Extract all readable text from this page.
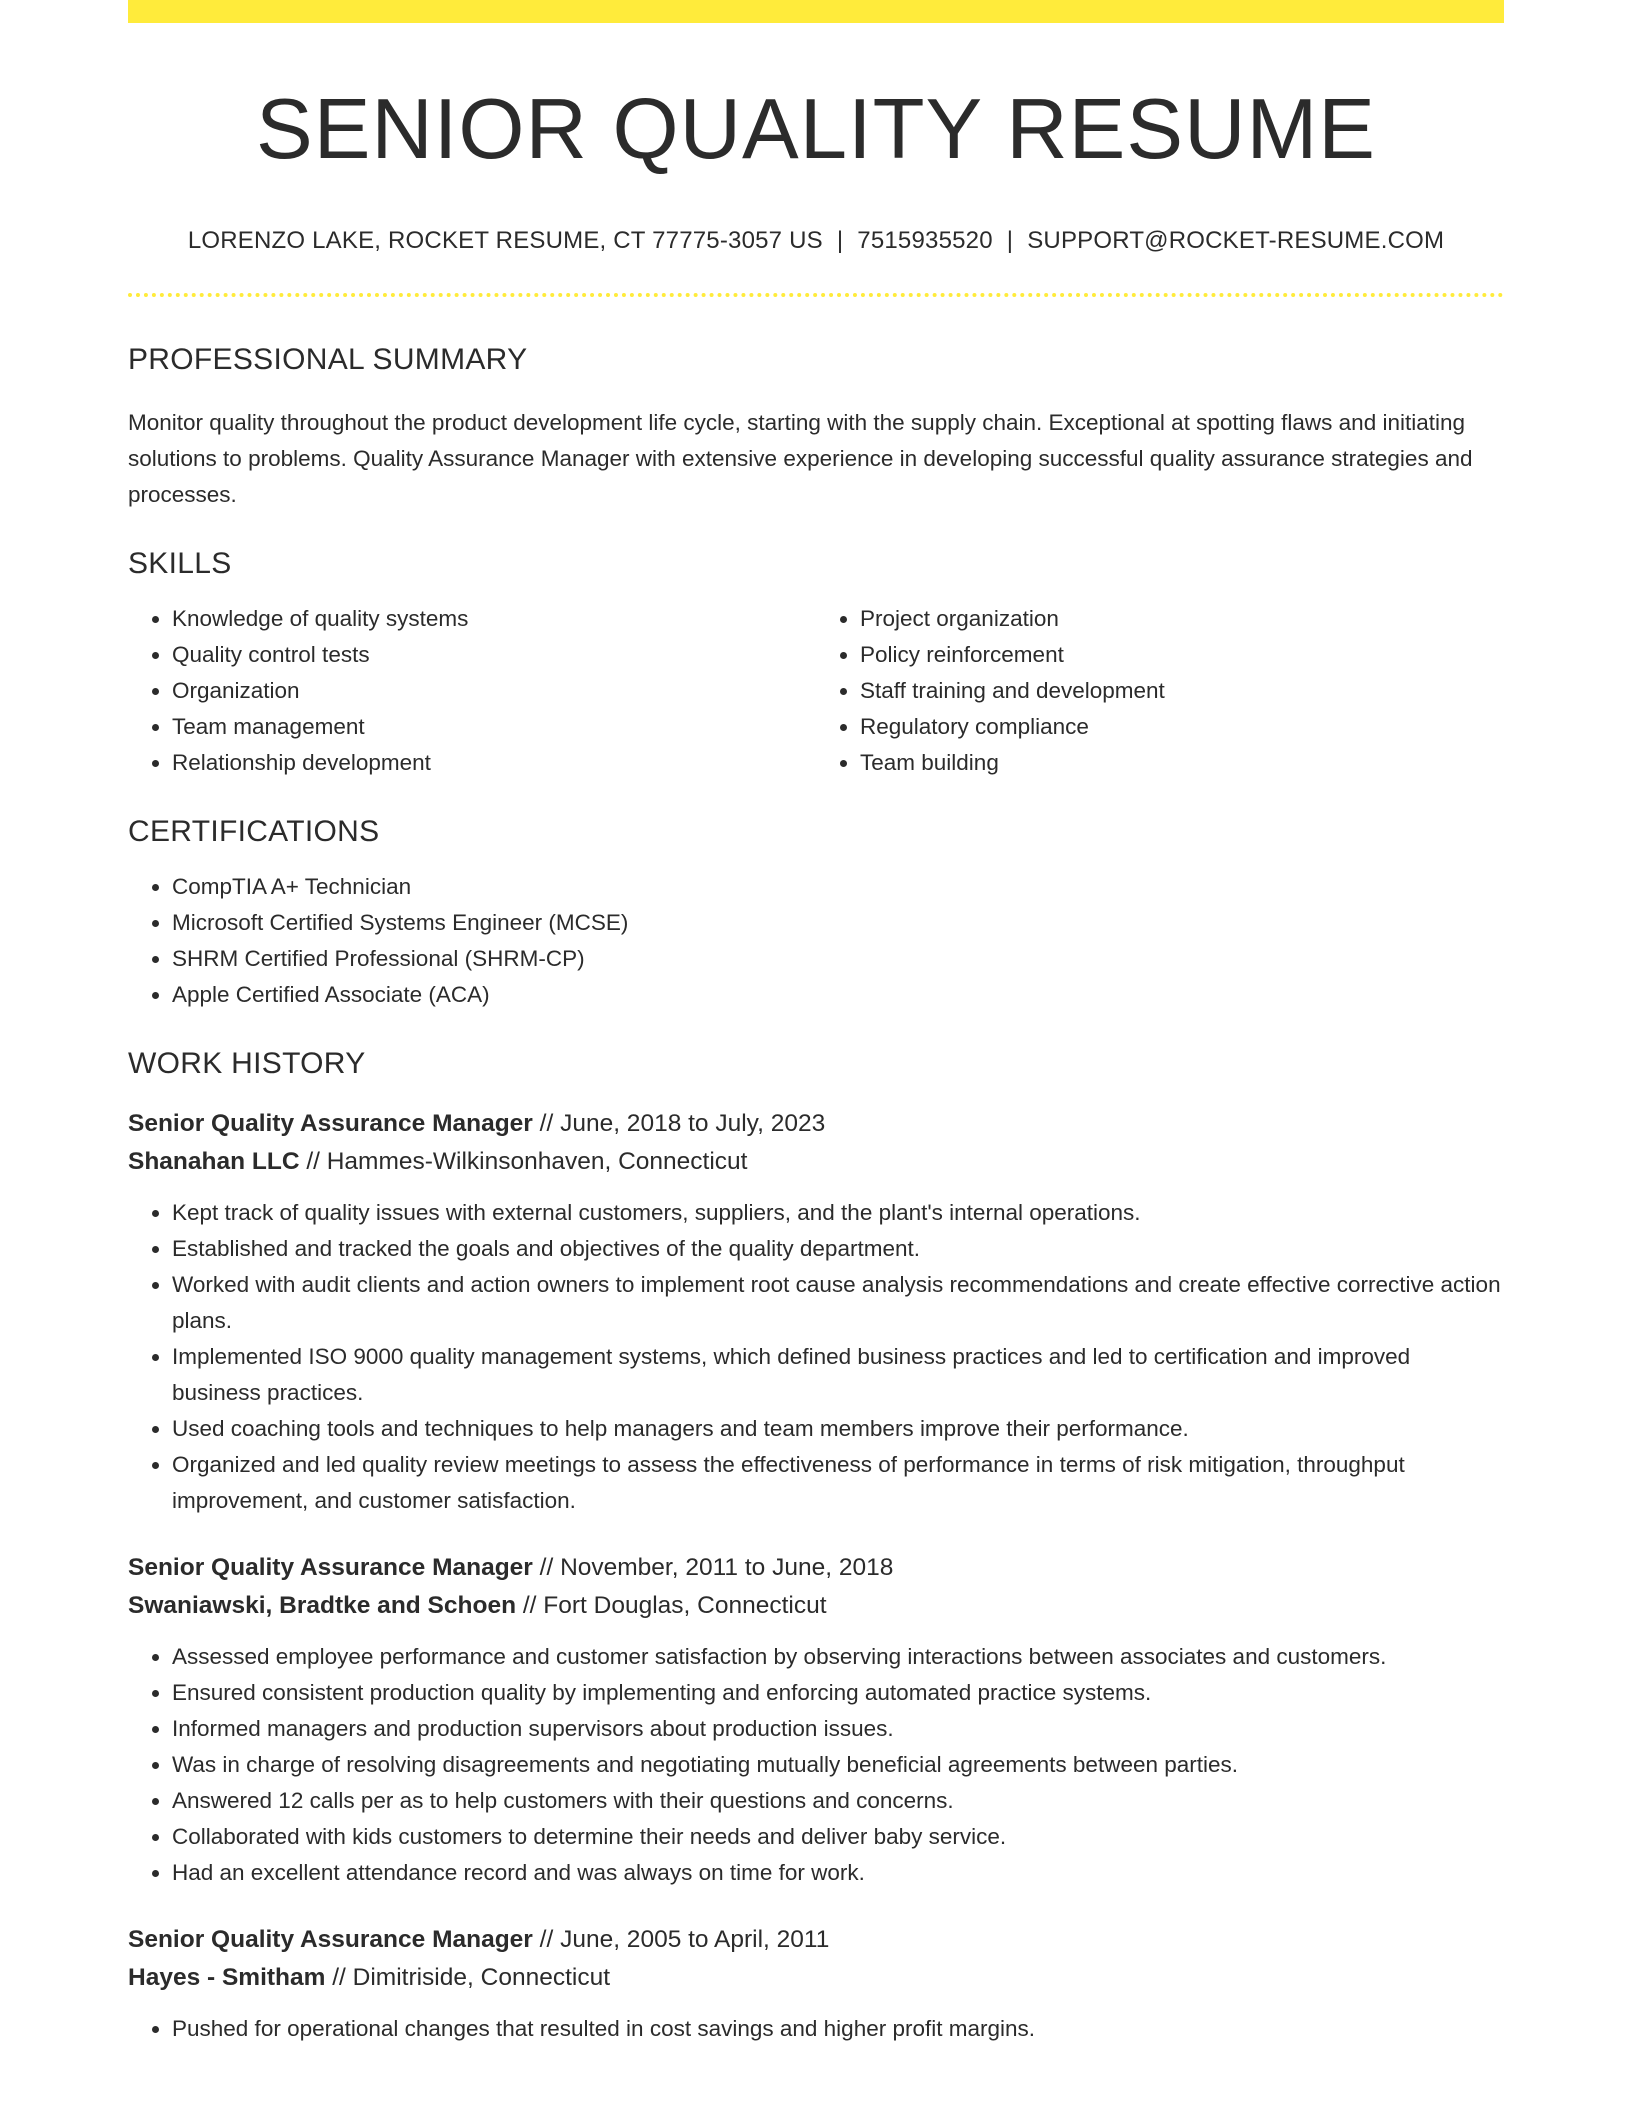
SENIOR QUALITY RESUME
LORENZO LAKE, ROCKET RESUME, CT 77775-3057 US | 7515935520 | SUPPORT@ROCKET-RESUME.COM
PROFESSIONAL SUMMARY

Monitor quality throughout the product development life cycle, starting with the supply chain. Exceptional at spotting flaws and initiating solutions to problems. Quality Assurance Manager with extensive experience in developing successful quality assurance strategies and processes.

SKILLS
• Knowledge of quality systems
• Quality control tests
• Organization
• Team management
• Relationship development
• Project organization
• Policy reinforcement
• Staff training and development
• Regulatory compliance
• Team building
CERTIFICATIONS
• CompTIA A+ Technician
• Microsoft Certified Systems Engineer (MCSE)
• SHRM Certified Professional (SHRM-CP)
• Apple Certified Associate (ACA)
WORK HISTORY
Senior Quality Assurance Manager // June, 2018 to July, 2023
Shanahan LLC // Hammes-Wilkinsonhaven, Connecticut
• Kept track of quality issues with external customers, suppliers, and the plant's internal operations.
• Established and tracked the goals and objectives of the quality department.
• Worked with audit clients and action owners to implement root cause analysis recommendations and create effective corrective action plans.
• Implemented ISO 9000 quality management systems, which defined business practices and led to certification and improved business practices.
• Used coaching tools and techniques to help managers and team members improve their performance.
• Organized and led quality review meetings to assess the effectiveness of performance in terms of risk mitigation, throughput improvement, and customer satisfaction.
Senior Quality Assurance Manager // November, 2011 to June, 2018
Swaniawski, Bradtke and Schoen // Fort Douglas, Connecticut
• Assessed employee performance and customer satisfaction by observing interactions between associates and customers.
• Ensured consistent production quality by implementing and enforcing automated practice systems.
• Informed managers and production supervisors about production issues.
• Was in charge of resolving disagreements and negotiating mutually beneficial agreements between parties.
• Answered 12 calls per as to help customers with their questions and concerns.
• Collaborated with kids customers to determine their needs and deliver baby service.
• Had an excellent attendance record and was always on time for work.
Senior Quality Assurance Manager // June, 2005 to April, 2011
Hayes - Smitham // Dimitriside, Connecticut
• Pushed for operational changes that resulted in cost savings and higher profit margins.
